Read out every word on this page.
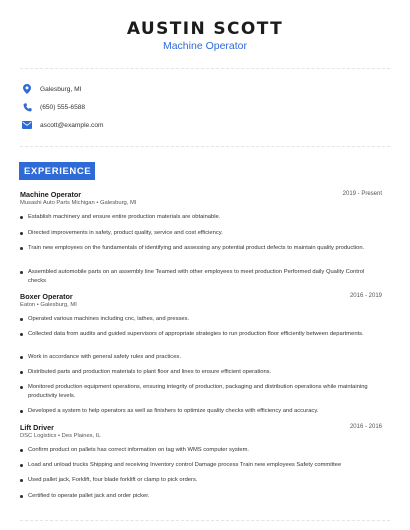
AUSTIN SCOTT
Machine Operator
Galesburg, MI
(650) 555-6588
ascott@example.com
EXPERIENCE
Machine Operator	2019 - Present
Musashi Auto Parts Michigan • Galesburg, MI
Establish machinery and ensure entire production materials are obtainable.
Directed improvements in safety, product quality, service and cost efficiency.
Train new employees on the fundamentals of identifying and assessing any potential product defects to maintain quality production.
Assembled automobile parts on an assembly line Teamed with other employees to meet production Performed daily Quality Control checks
Boxer Operator	2016 - 2019
Eaton • Galesburg, MI
Operated various machines including cnc, lathes, and presses.
Collected data from audits and guided supervisors of appropriate strategies to run production floor efficiently between departments.
Work in accordance with general safety rules and practices.
Distributed parts and production materials to plant floor and lines to ensure efficient operations.
Monitored production equipment operations, ensuring integrity of production, packaging and distribution operations while maintaining productivity levels.
Developed a system to help operators as well as finishers to optimize quality checks with efficiency and accuracy.
Lift Driver	2016 - 2016
DSC Logistics • Des Plaines, IL
Confirm product on pallets has correct information on tag with WMS computer system.
Load and unload trucks Shipping and receiving Inventory control Damage process Train new employees Safety committee
Used pallet jack, Forklift, four blade forklift or clamp to pick orders.
Certified to operate pallet jack and order picker.
